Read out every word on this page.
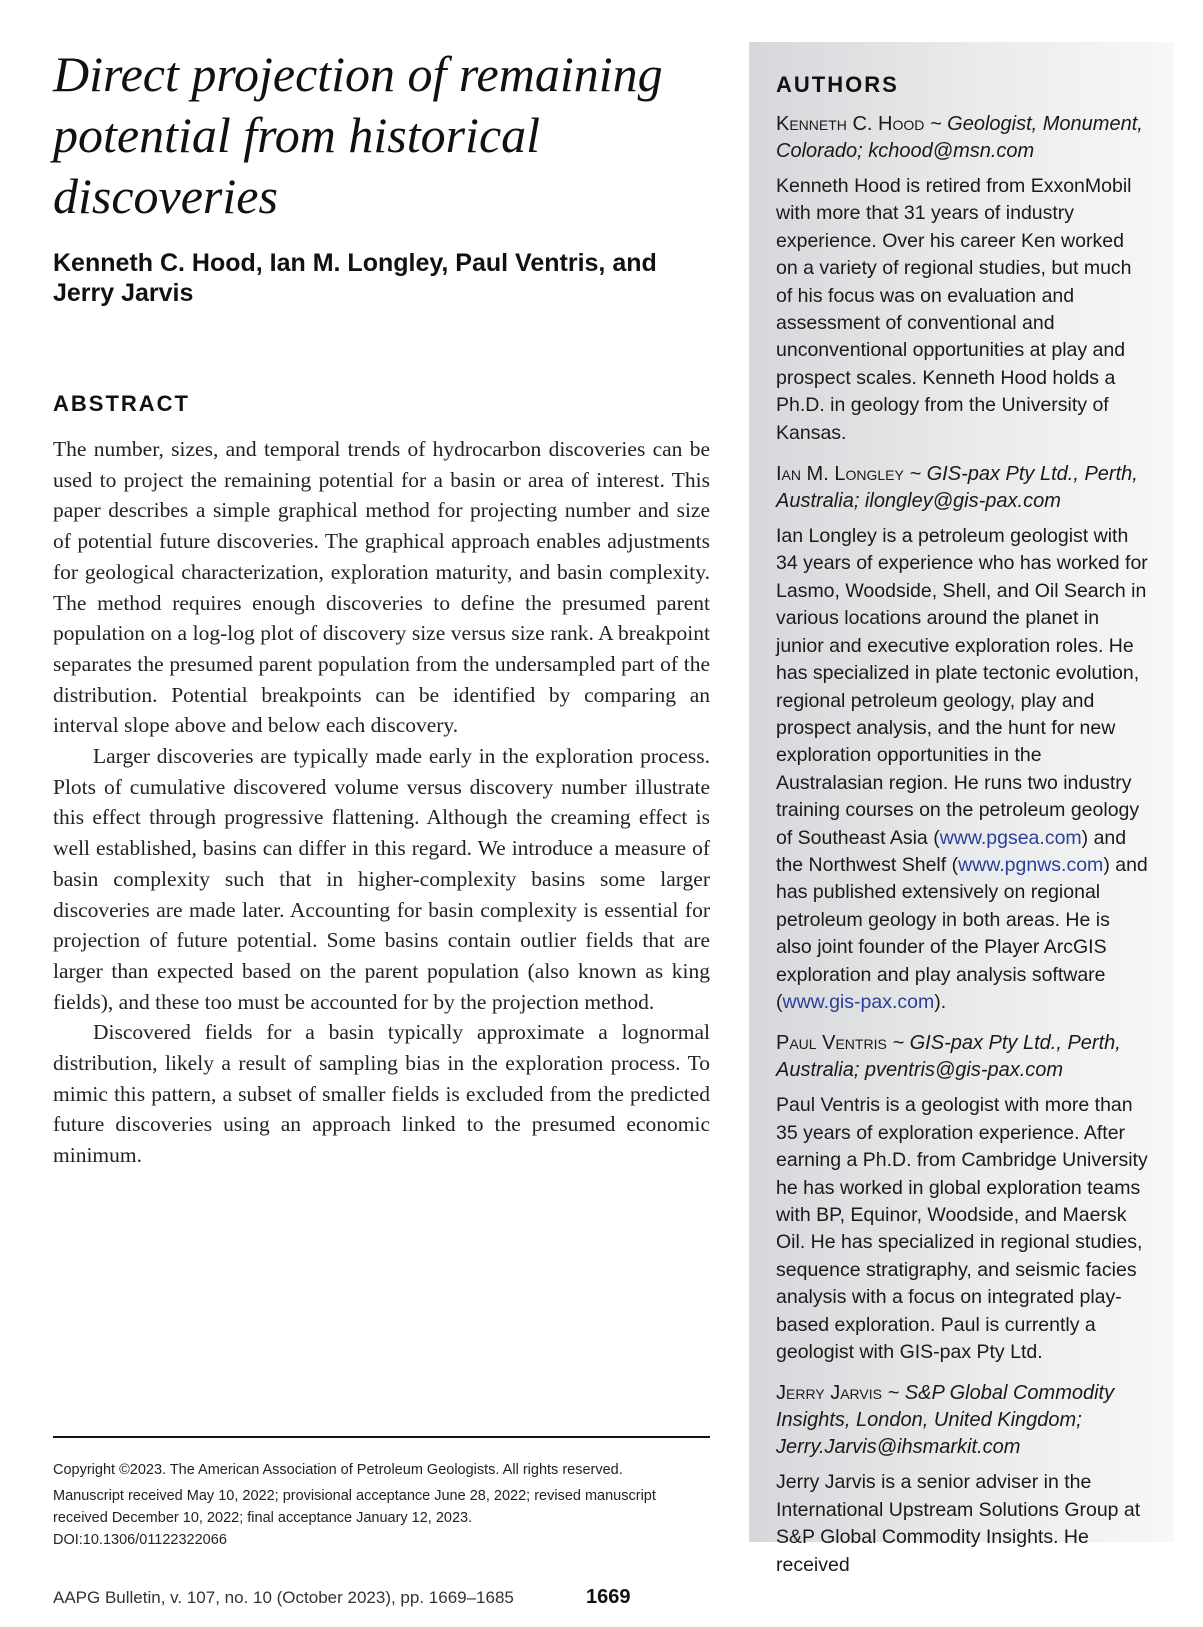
Direct projection of remaining potential from historical discoveries
Kenneth C. Hood, Ian M. Longley, Paul Ventris, and Jerry Jarvis
ABSTRACT

The number, sizes, and temporal trends of hydrocarbon discoveries can be used to project the remaining potential for a basin or area of interest. This paper describes a simple graphical method for projecting number and size of potential future discoveries. The graphical approach enables adjustments for geological characterization, exploration maturity, and basin complexity. The method requires enough discoveries to define the presumed parent population on a log-log plot of discovery size versus size rank. A breakpoint separates the presumed parent population from the undersampled part of the distribution. Potential breakpoints can be identified by comparing an interval slope above and below each discovery.

Larger discoveries are typically made early in the exploration process. Plots of cumulative discovered volume versus discovery number illustrate this effect through progressive flattening. Although the creaming effect is well established, basins can differ in this regard. We introduce a measure of basin complexity such that in higher-complexity basins some larger discoveries are made later. Accounting for basin complexity is essential for projection of future potential. Some basins contain outlier fields that are larger than expected based on the parent population (also known as king fields), and these too must be accounted for by the projection method.

Discovered fields for a basin typically approximate a lognormal distribution, likely a result of sampling bias in the exploration process. To mimic this pattern, a subset of smaller fields is excluded from the predicted future discoveries using an approach linked to the presumed economic minimum.

Copyright ©2023. The American Association of Petroleum Geologists. All rights reserved.

Manuscript received May 10, 2022; provisional acceptance June 28, 2022; revised manuscript received December 10, 2022; final acceptance January 12, 2023.

DOI:10.1306/01122322066

AAPG Bulletin, v. 107, no. 10 (October 2023), pp. 1669–1685	1669
AUTHORS

Kenneth C. Hood ~ Geologist, Monument, Colorado; kchood@msn.com

Kenneth Hood is retired from ExxonMobil with more that 31 years of industry experience. Over his career Ken worked on a variety of regional studies, but much of his focus was on evaluation and assessment of conventional and unconventional opportunities at play and prospect scales. Kenneth Hood holds a Ph.D. in geology from the University of Kansas.

Ian M. Longley ~ GIS-pax Pty Ltd., Perth, Australia; ilongley@gis-pax.com

Ian Longley is a petroleum geologist with 34 years of experience who has worked for Lasmo, Woodside, Shell, and Oil Search in various locations around the planet in junior and executive exploration roles. He has specialized in plate tectonic evolution, regional petroleum geology, play and prospect analysis, and the hunt for new exploration opportunities in the Australasian region. He runs two industry training courses on the petroleum geology of Southeast Asia (www.pgsea.com) and the Northwest Shelf (www.pgnws.com) and has published extensively on regional petroleum geology in both areas. He is also joint founder of the Player ArcGIS exploration and play analysis software (www.gis-pax.com).

Paul Ventris ~ GIS-pax Pty Ltd., Perth, Australia; pventris@gis-pax.com

Paul Ventris is a geologist with more than 35 years of exploration experience. After earning a Ph.D. from Cambridge University he has worked in global exploration teams with BP, Equinor, Woodside, and Maersk Oil. He has specialized in regional studies, sequence stratigraphy, and seismic facies analysis with a focus on integrated play-based exploration. Paul is currently a geologist with GIS-pax Pty Ltd.

Jerry Jarvis ~ S&P Global Commodity Insights, London, United Kingdom; Jerry.Jarvis@ihsmarkit.com

Jerry Jarvis is a senior adviser in the International Upstream Solutions Group at S&P Global Commodity Insights. He received
